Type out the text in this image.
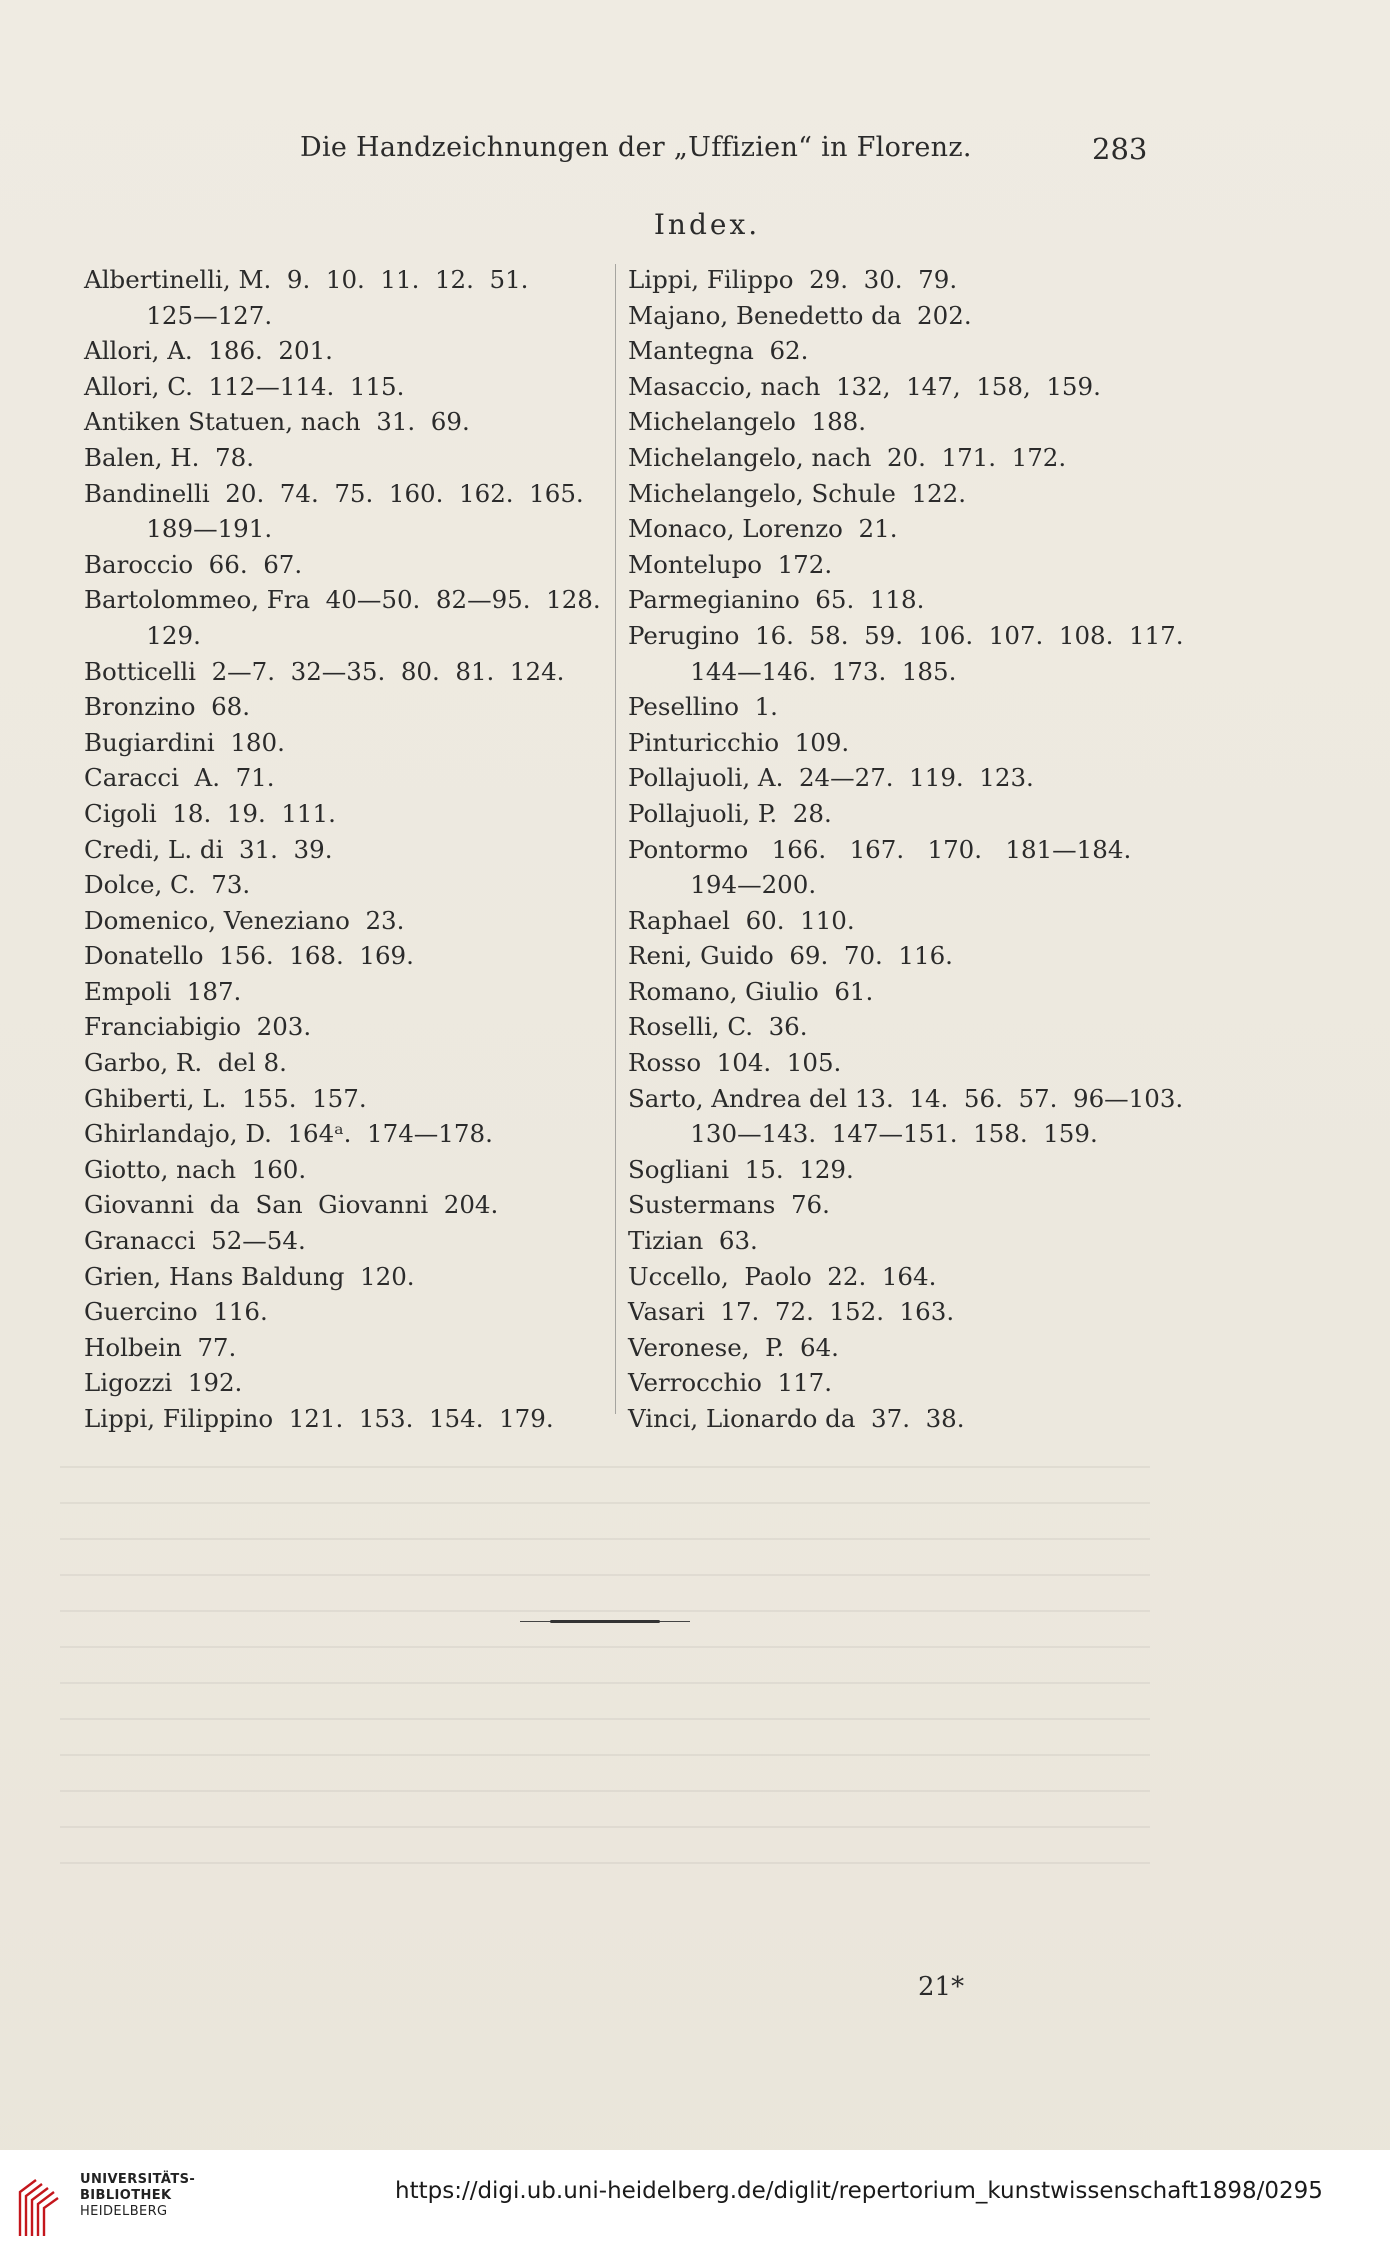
Die Handzeichnungen der „Uffizien“ in Florenz.	283
Index.
Albertinelli, M.  9.  10.  11.  12.  51.
125—127.
Allori, A.  186.  201.
Allori, C.  112—114.  115.
Antiken Statuen, nach  31.  69.
Balen, H.  78.
Bandinelli  20.  74.  75.  160.  162.  165.
189—191.
Baroccio  66.  67.
Bartolommeo, Fra  40—50.  82—95.  128.
129.
Botticelli  2—7.  32—35.  80.  81.  124.
Bronzino  68.
Bugiardini  180.
Caracci  A.  71.
Cigoli  18.  19.  111.
Credi, L. di  31.  39.
Dolce, C.  73.
Domenico, Veneziano  23.
Donatello  156.  168.  169.
Empoli  187.
Franciabigio  203.
Garbo, R.  del 8.
Ghiberti, L.  155.  157.
Ghirlandajo, D.  164ᵃ.  174—178.
Giotto, nach  160.
Giovanni  da  San  Giovanni  204.
Granacci  52—54.
Grien, Hans Baldung  120.
Guercino  116.
Holbein  77.
Ligozzi  192.
Lippi, Filippino  121.  153.  154.  179.
Lippi, Filippo  29.  30.  79.
Majano, Benedetto da  202.
Mantegna  62.
Masaccio, nach  132,  147,  158,  159.
Michelangelo  188.
Michelangelo, nach  20.  171.  172.
Michelangelo, Schule  122.
Monaco, Lorenzo  21.
Montelupo  172.
Parmegianino  65.  118.
Perugino  16.  58.  59.  106.  107.  108.  117.
144—146.  173.  185.
Pesellino  1.
Pinturicchio  109.
Pollajuoli, A.  24—27.  119.  123.
Pollajuoli, P.  28.
Pontormo   166.   167.   170.   181—184.
194—200.
Raphael  60.  110.
Reni, Guido  69.  70.  116.
Romano, Giulio  61.
Roselli, C.  36.
Rosso  104.  105.
Sarto, Andrea del 13.  14.  56.  57.  96—103.
130—143.  147—151.  158.  159.
Sogliani  15.  129.
Sustermans  76.
Tizian  63.
Uccello,  Paolo  22.  164.
Vasari  17.  72.  152.  163.
Veronese,  P.  64.
Verrocchio  117.
Vinci, Lionardo da  37.  38.
21*
UNIVERSITÄTS-
BIBLIOTHEK
HEIDELBERG
https://digi.ub.uni-heidelberg.de/diglit/repertorium_kunstwissenschaft1898/0295
